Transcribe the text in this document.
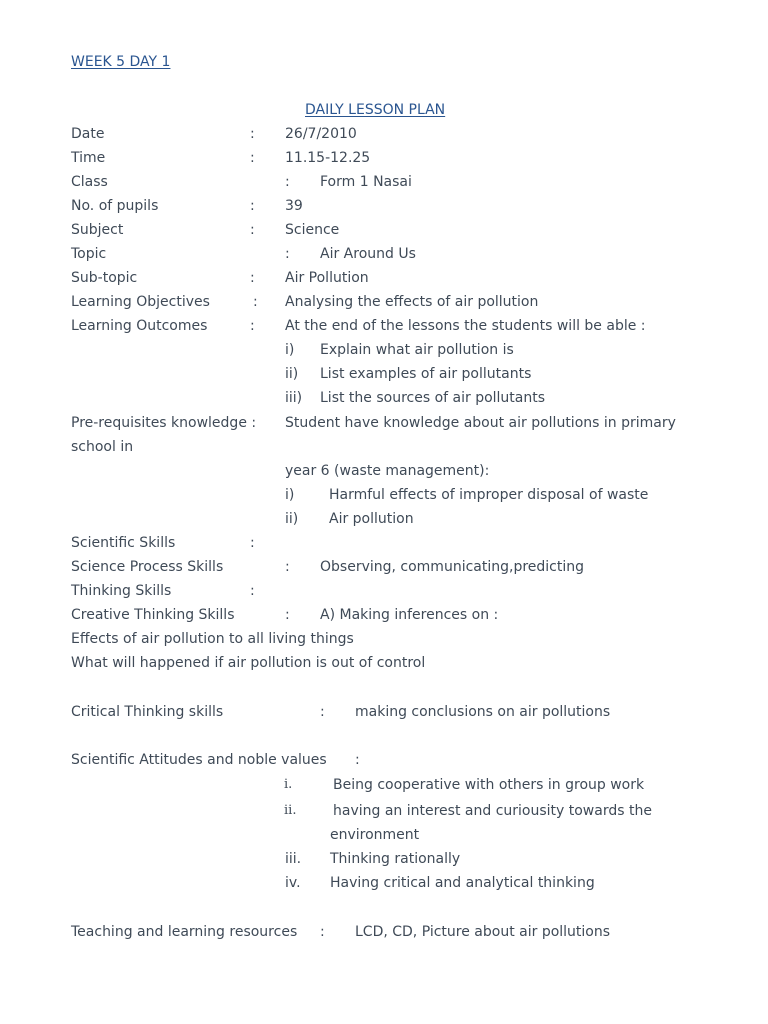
WEEK 5 DAY 1
DAILY LESSON PLAN
Date	: 26/7/2010
Time	: 11.15-12.25
Class	: Form 1 Nasai
No. of pupils	: 39
Subject	: Science
Topic	: Air Around Us
Sub-topic	: Air Pollution
Learning Objectives	: Analysing the effects of air pollution
Learning Outcomes	: At the end of the lessons the students will be able :
i) Explain what air pollution is
ii) List examples of air pollutants
iii) List the sources of air pollutants
Pre-requisites knowledge : Student have knowledge about air pollutions in primary
school in
year 6 (waste management):
i) Harmful effects of improper disposal of waste
ii) Air pollution
Scientific Skills	:
Science Process Skills	: Observing, communicating,predicting
Thinking Skills	:
Creative Thinking Skills	: A) Making inferences on :
Effects of air pollution to all living things
What will happened if air pollution is out of control
Critical Thinking skills	: making conclusions on air pollutions
Scientific Attitudes and noble values :
i.	Being cooperative with others in group work
ii.	having an interest and curiousity towards the
environment
iii. Thinking rationally
iv. Having critical and analytical thinking
Teaching and learning resources : LCD, CD, Picture about air pollutions
